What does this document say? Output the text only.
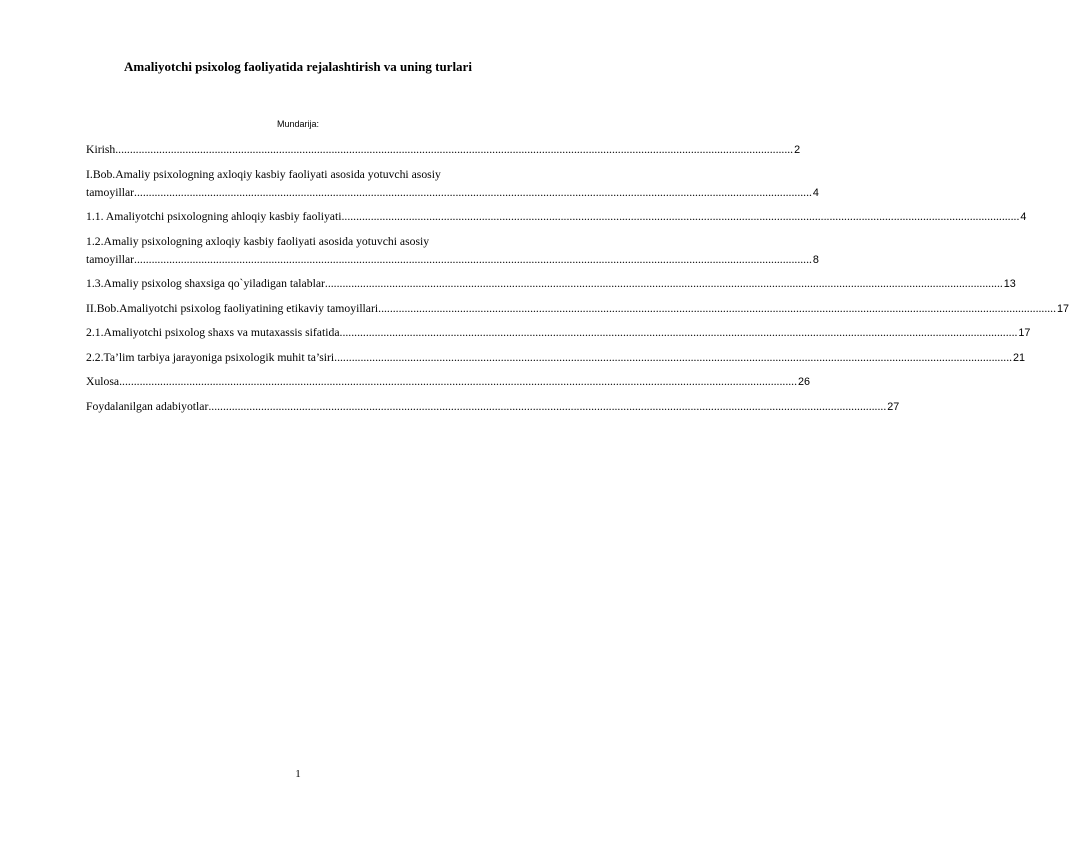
Amaliyotchi psixolog faoliyatida rejalashtirish va uning turlari
Mundarija:
Kirish .....	2
I.Bob.Amaliy psixologning axloqiy kasbiy faoliyati asosida yotuvchi asosiy
tamoyillar .....	4
1.1. Amaliyotchi psixologning ahloqiy kasbiy faoliyati .....	4
1.2.Amaliy psixologning axloqiy kasbiy faoliyati asosida yotuvchi asosiy
tamoyillar .....	8
1.3.Amaliy psixolog shaxsiga qo`yiladigan talablar .....	13
II.Bob.Amaliyotchi psixolog faoliyatining etikaviy tamoyillari .....	17
2.1.Amaliyotchi psixolog shaxs va mutaxassis sifatida .....	17
2.2.Ta’lim tarbiya jarayoniga psixologik muhit ta’siri .....	21
Xulosa .....	26
Foydalanilgan adabiyotlar .....	27
1
